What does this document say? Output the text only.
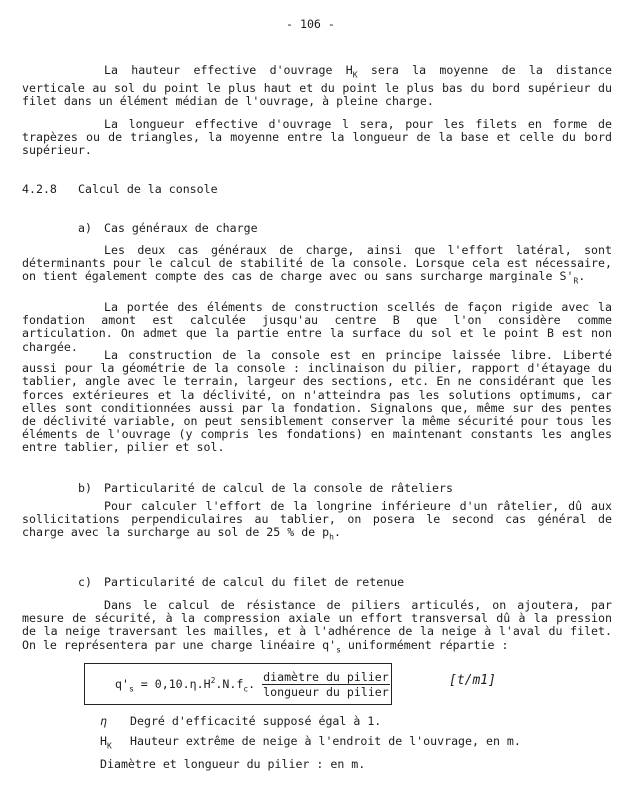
- 106 -
La hauteur effective d'ouvrage $H_K$ sera la moyenne de la distance verticale au sol du point le plus haut et du point le plus bas du bord supérieur du filet dans un élément médian de l'ouvrage, à pleine charge.
La longueur effective d'ouvrage l sera, pour les filets en forme de trapèzes ou de triangles, la moyenne entre la longueur de la base et celle du bord supérieur.
4.2.8 Calcul de la console
a) Cas généraux de charge
Les deux cas généraux de charge, ainsi que l'effort latéral, sont déterminants pour le calcul de stabilité de la console. Lorsque cela est nécessaire, on tient également compte des cas de charge avec ou sans surcharge marginale $S'_R$.
La portée des éléments de construction scellés de façon rigide avec la fondation amont est calculée jusqu'au centre B que l'on considère comme articulation. On admet que la partie entre la surface du sol et le point B est non chargée.
La construction de la console est en principe laissée libre. Liberté aussi pour la géométrie de la console : inclinaison du pilier, rapport d'étayage du tablier, angle avec le terrain, largeur des sections, etc. En ne considérant que les forces extérieures et la déclivité, on n'atteindra pas les solutions optimums, car elles sont conditionnées aussi par la fondation. Signalons que, même sur des pentes de déclivité variable, on peut sensiblement conserver la même sécurité pour tous les éléments de l'ouvrage (y compris les fondations) en maintenant constants les angles entre tablier, pilier et sol.
b) Particularité de calcul de la console de râteliers
Pour calculer l'effort de la longrine inférieure d'un râtelier, dû aux sollicitations perpendiculaires au tablier, on posera le second cas général de charge avec la surcharge au sol de 25 % de $p_h$.
c) Particularité de calcul du filet de retenue
Dans le calcul de résistance de piliers articulés, on ajoutera, par mesure de sécurité, à la compression axiale un effort transversal dû à la pression de la neige traversant les mailles, et à l'adhérence de la neige à l'aval du filet. On le représentera par une charge linéaire $q'_s$ uniformément répartie :
$q'_s = 0,10.\eta.H^2.N.f_c$. $\frac{\text{diamètre du pilier}}{\text{longueur du pilier}}$	[t/m1]
η Degré d'efficacité supposé égal à 1.
$H_K$ Hauteur extrême de neige à l'endroit de l'ouvrage, en m.
Diamètre et longueur du pilier : en m.
